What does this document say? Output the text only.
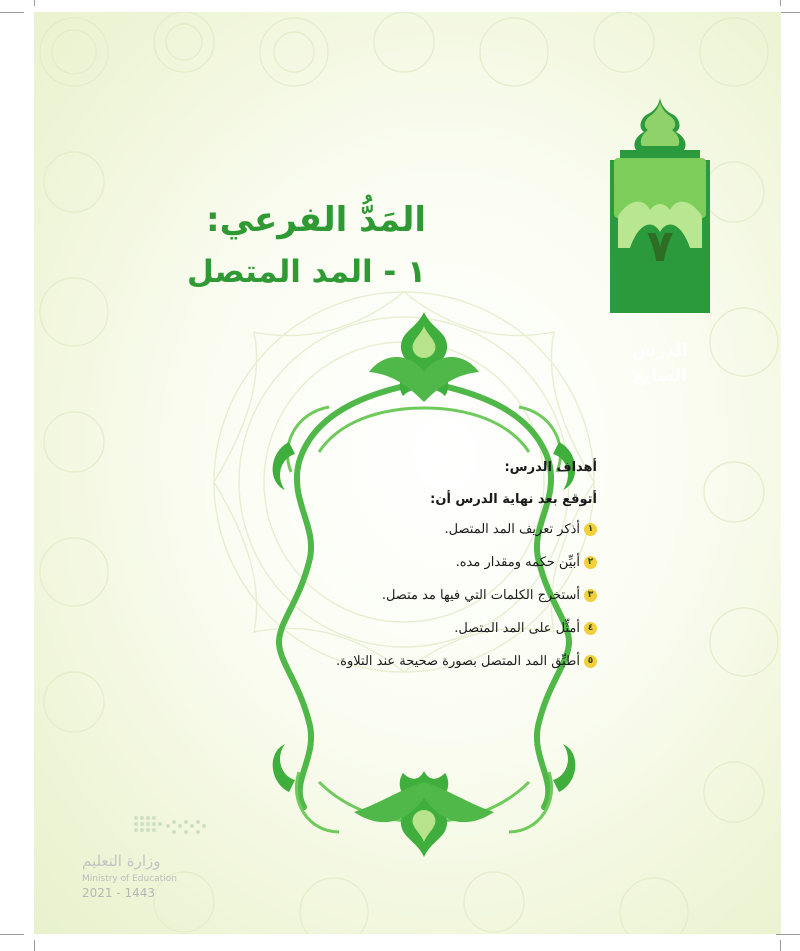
المَدُّ الفرعي:
١ - المد المتصل	٧
الدرس
السابع
أهداف الدرس:
أتوقع بعد نهاية الدرس أن:
١أذكر تعريف المد المتصل.
٢أبيِّن حكمه ومقدار مده.
٣أستخرج الكلمات التي فيها مد متصل.
٤أمثِّل على المد المتصل.
٥أطبِّق المد المتصل بصورة صحيحة عند التلاوة.
وزارة التعليم
Ministry of Education
2021 - 1443
